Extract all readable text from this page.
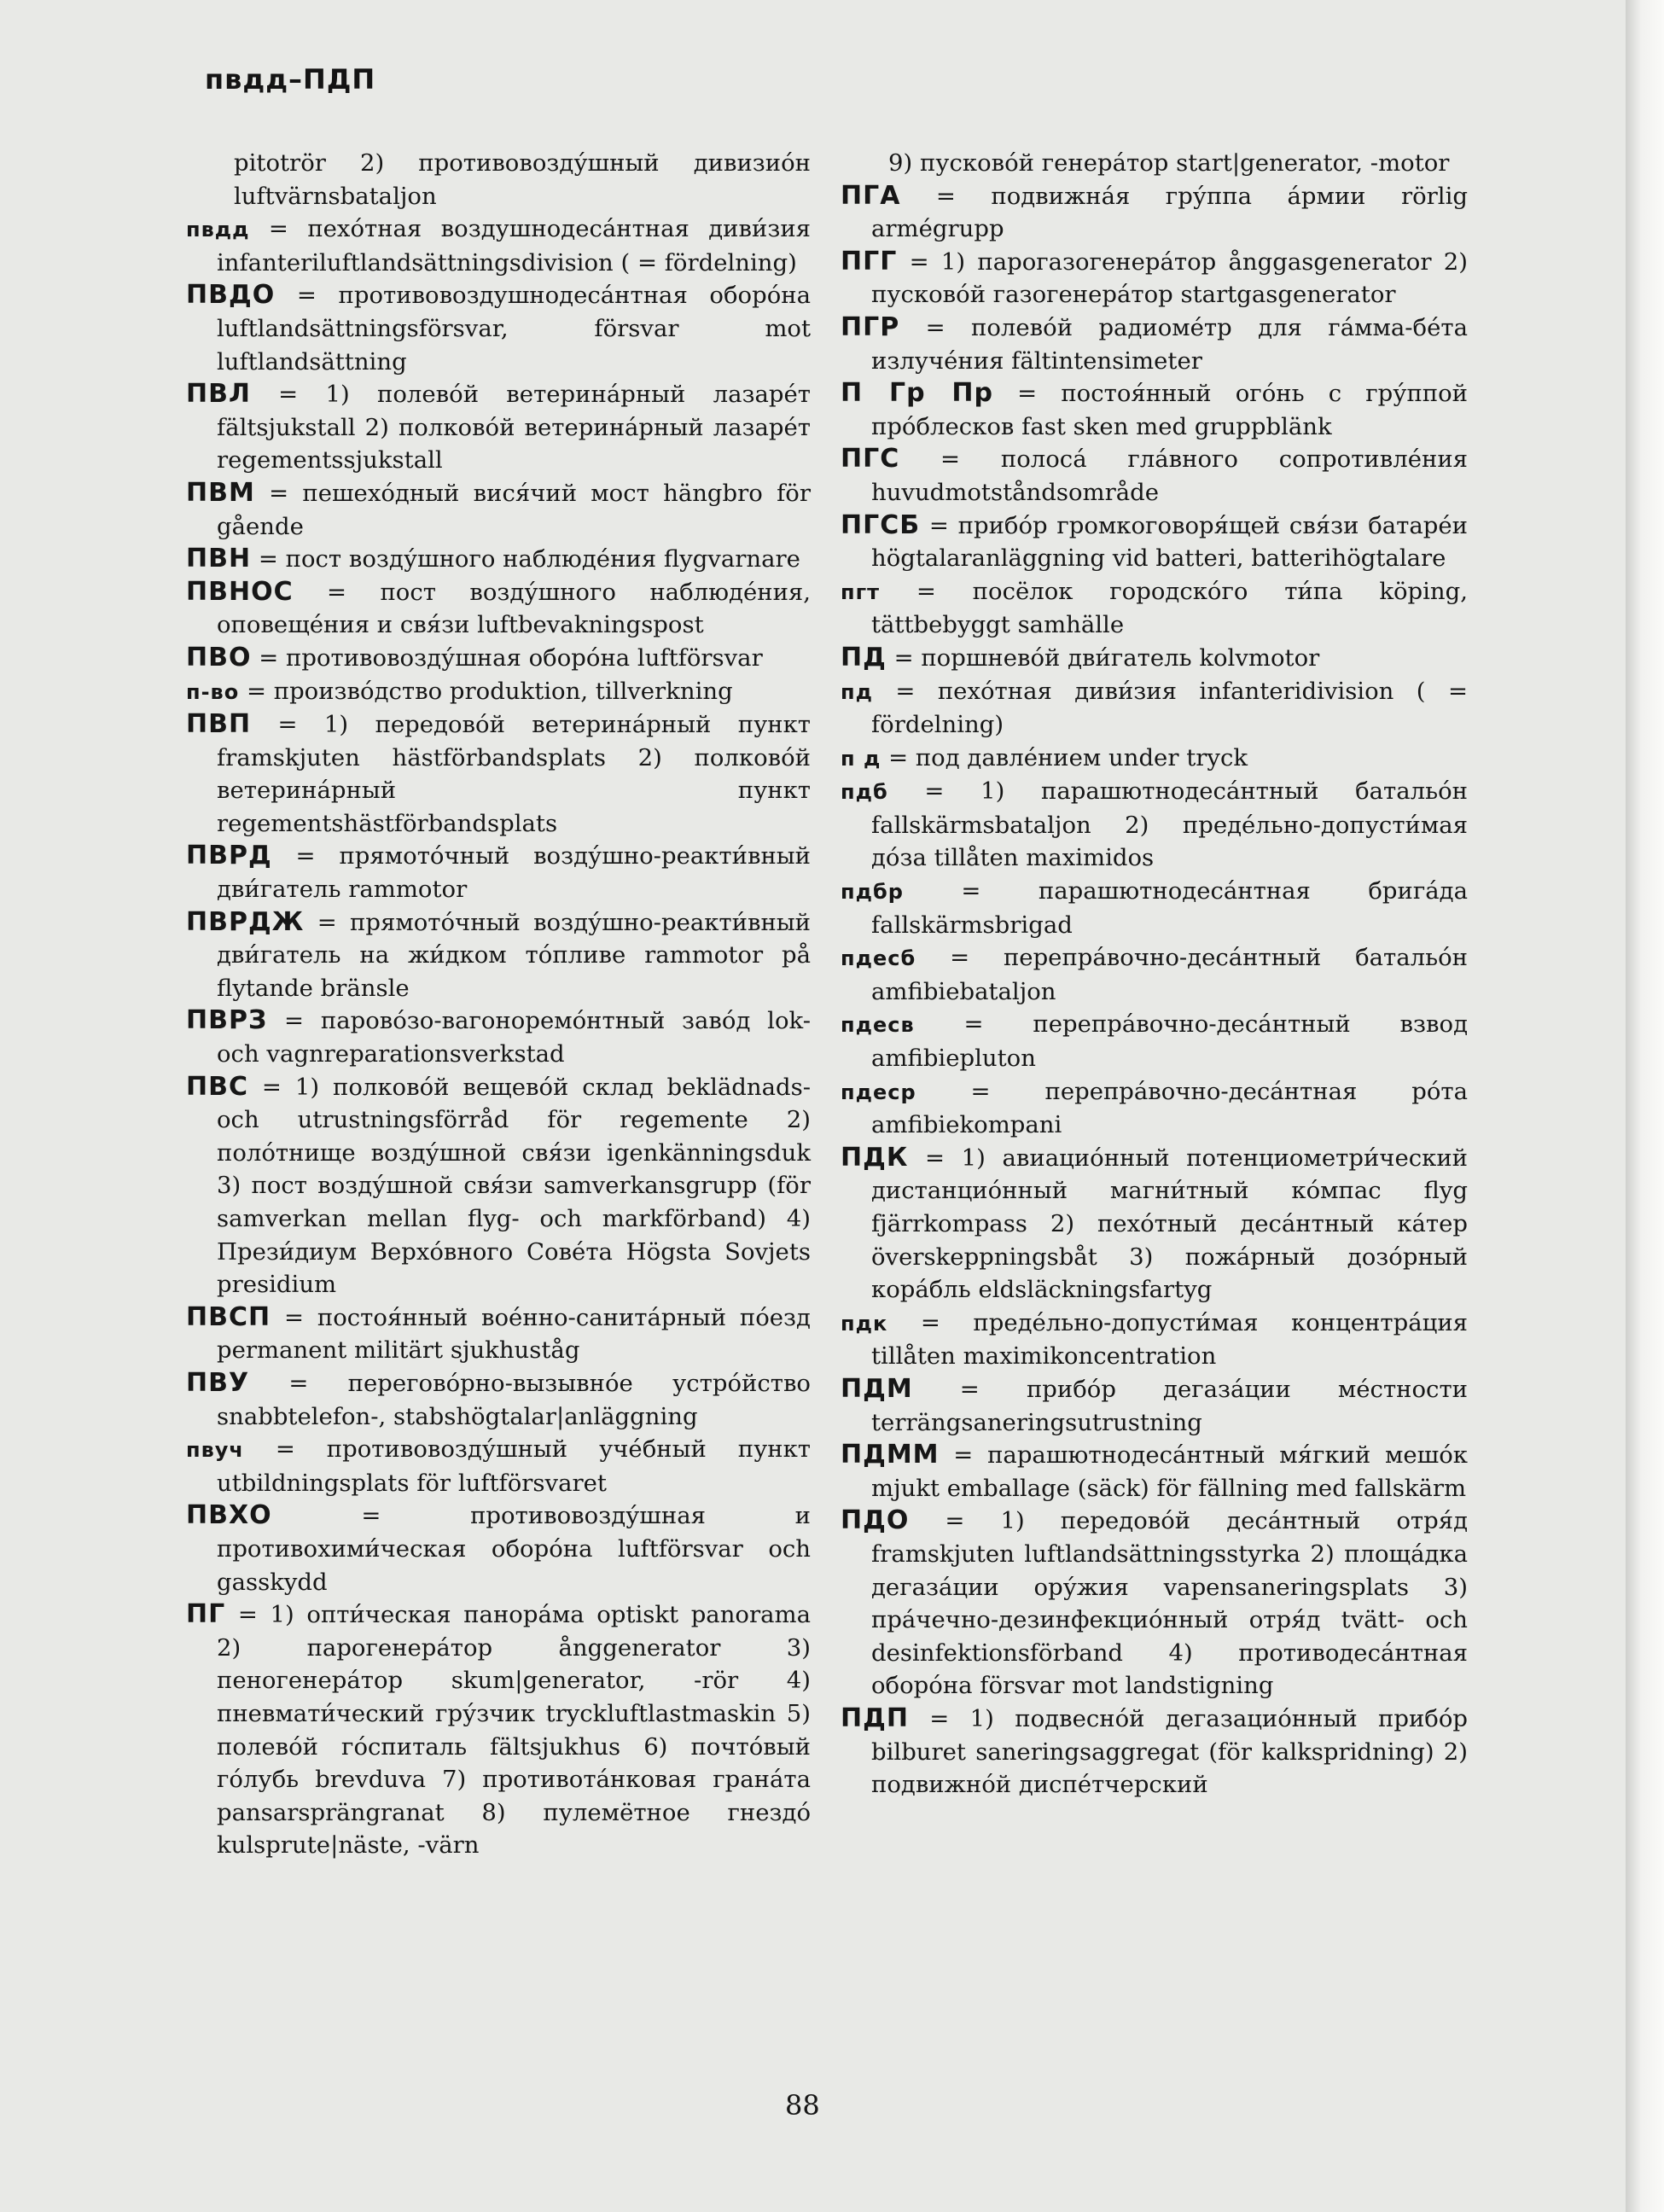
пвдд–ПДП
pitotrör 2) противовозду́шный дивизио́н luftvärnsbataljon
пвдд = пехо́тная воздушнодеса́нтная диви́зия infanteriluftlandsättningsdivision ( = fördelning)
ПВДО = противовоздушнодеса́нтная оборо́на luftlandsättningsförsvar, försvar mot luftlandsättning
ПВЛ = 1) полево́й ветерина́рный лазаре́т fältsjukstall 2) полково́й ветерина́рный лазаре́т regementssjukstall
ПВМ = пешехо́дный вися́чий мост hängbro för gående
ПВН = пост возду́шного наблюде́ния flygvarnare
ПВНОС = пост возду́шного наблюде́ния, оповеще́ния и свя́зи luftbevakningspost
ПВО = противовозду́шная оборо́на luftförsvar
п-во = произво́дство produktion, tillverkning
ПВП = 1) передово́й ветерина́рный пункт framskjuten hästförbandsplats 2) полково́й ветерина́рный пункт regementshästförbandsplats
ПВРД = прямото́чный возду́шно-реакти́вный дви́гатель rammotor
ПВРДЖ = прямото́чный возду́шно-реакти́вный дви́гатель на жи́дком то́пливе rammotor på flytande bränsle
ПВРЗ = парово́зо-вагоноремо́нтный заво́д lok- och vagnreparationsverkstad
ПВС = 1) полково́й вещево́й склад beklädnads- och utrustningsförråd för regemente 2) поло́тнище возду́шной свя́зи igenkänningsduk 3) пост возду́шной свя́зи samverkansgrupp (för samverkan mellan flyg- och markförband) 4) Прези́диум Верхо́вного Сове́та Högsta Sovjets presidium
ПВСП = постоя́нный вое́нно-санита́рный по́езд permanent militärt sjukhuståg
ПВУ = перегово́рно-вызывно́е устро́йство snabbtelefon-, stabshögtalar|anläggning
пвуч = противовозду́шный уче́бный пункт utbildningsplats för luftförsvaret
ПВХО = противовозду́шная и противохими́ческая оборо́на luftförsvar och gasskydd
ПГ = 1) опти́ческая панора́ма optiskt panorama 2) парогенера́тор ånggenerator 3) пеногенера́тор skum|generator, -rör 4) пневмати́ческий гру́зчик tryckluftlastmaskin 5) полево́й го́спиталь fältsjukhus 6) почто́вый го́лубь brevduva 7) противота́нковая грана́та pansarsprängranat 8) пулемётное гнездо́ kulsprute|näste, -värn
9) пусково́й генера́тор start|generator, -motor
ПГА = подвижна́я гру́ппа а́рмии rörlig armégrupp
ПГГ = 1) парогазогенера́тор ånggasgenerator 2) пусково́й газогенера́тор startgasgenerator
ПГР = полево́й радиоме́тр для га́мма-бе́та излуче́ния fältintensimeter
П Гр Пр = постоя́нный ого́нь с гру́ппой про́блесков fast sken med gruppblänk
ПГС = полоса́ гла́вного сопротивле́ния huvudmotståndsområde
ПГСБ = прибо́р громкоговоря́щей свя́зи батаре́и högtalaranläggning vid batteri, batterihögtalare
пгт = посёлок городско́го ти́па köping, tättbebyggt samhälle
ПД = поршнево́й дви́гатель kolvmotor
пд = пехо́тная диви́зия infanteridivision ( = fördelning)
п д = под давле́нием under tryck
пдб = 1) парашютнодеса́нтный батальо́н fallskärmsbataljon 2) преде́льно-допусти́мая до́за tillåten maximidos
пдбр = парашютнодеса́нтная брига́да fallskärmsbrigad
пдесб = перепра́вочно-деса́нтный батальо́н amfibiebataljon
пдесв = перепра́вочно-деса́нтный взвод amfibiepluton
пдеср = перепра́вочно-деса́нтная ро́та amfibiekompani
ПДК = 1) авиацио́нный потенциометри́ческий дистанцио́нный магни́тный ко́мпас flyg fjärrkompass 2) пехо́тный деса́нтный ка́тер överskeppningsbåt 3) пожа́рный дозо́рный кора́бль eldsläckningsfartyg
пдк = преде́льно-допусти́мая концентра́ция tillåten maximikoncentration
ПДМ = прибо́р дегаза́ции ме́стности terrängsaneringsutrustning
ПДММ = парашютнодеса́нтный мя́гкий мешо́к mjukt emballage (säck) för fällning med fallskärm
ПДО = 1) передово́й деса́нтный отря́д framskjuten luftlandsättningsstyrka 2) площа́дка дегаза́ции ору́жия vapensaneringsplats 3) пра́чечно-дезинфекцио́нный отря́д tvätt- och desinfektionsförband 4) противодеса́нтная оборо́на försvar mot landstigning
ПДП = 1) подвесно́й дегазацио́нный прибо́р bilburet saneringsaggregat (för kalkspridning) 2) подвижно́й диспе́тчерский
88
